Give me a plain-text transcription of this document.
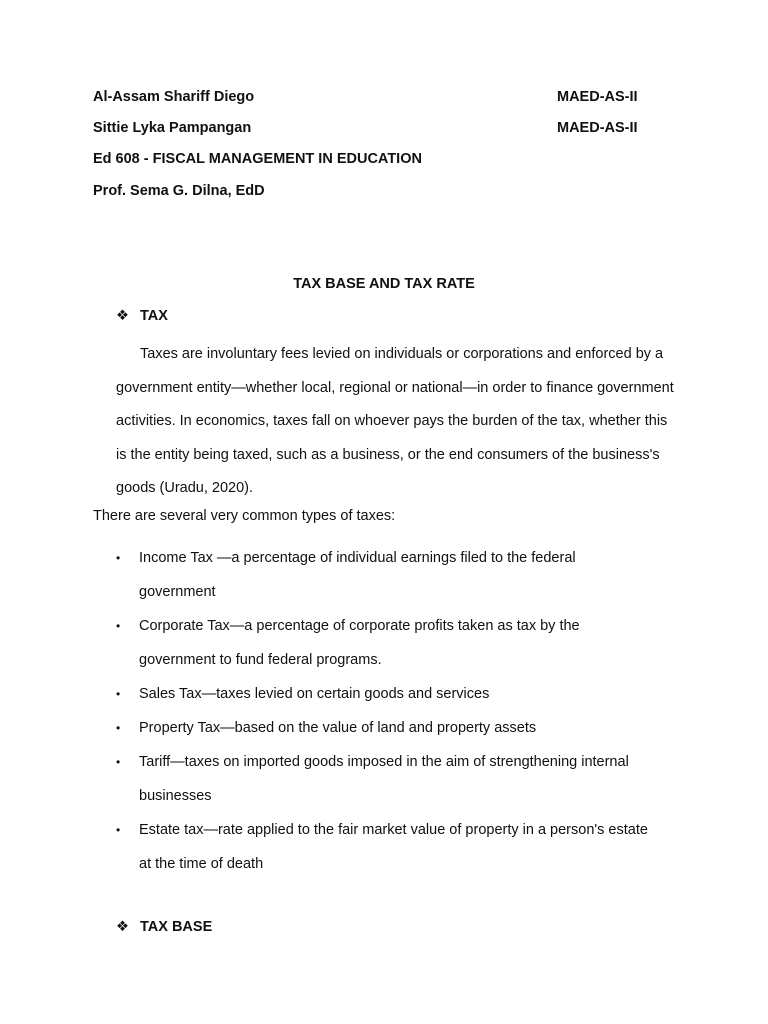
Al-Assam Shariff Diego	MAED-AS-II
Sittie Lyka Pampangan	MAED-AS-II
Ed 608 - FISCAL MANAGEMENT IN EDUCATION
Prof. Sema G. Dilna, EdD
TAX BASE AND TAX RATE
❖ TAX
Taxes are involuntary fees levied on individuals or corporations and enforced by a government entity—whether local, regional or national—in order to finance government activities. In economics, taxes fall on whoever pays the burden of the tax, whether this is the entity being taxed, such as a business, or the end consumers of the business's goods (Uradu, 2020).
There are several very common types of taxes:
• Income Tax —a percentage of individual earnings filed to the federal government
• Corporate Tax—a percentage of corporate profits taken as tax by the government to fund federal programs.
• Sales Tax—taxes levied on certain goods and services
• Property Tax—based on the value of land and property assets
• Tariff—taxes on imported goods imposed in the aim of strengthening internal businesses
• Estate tax—rate applied to the fair market value of property in a person's estate at the time of death
❖ TAX BASE
